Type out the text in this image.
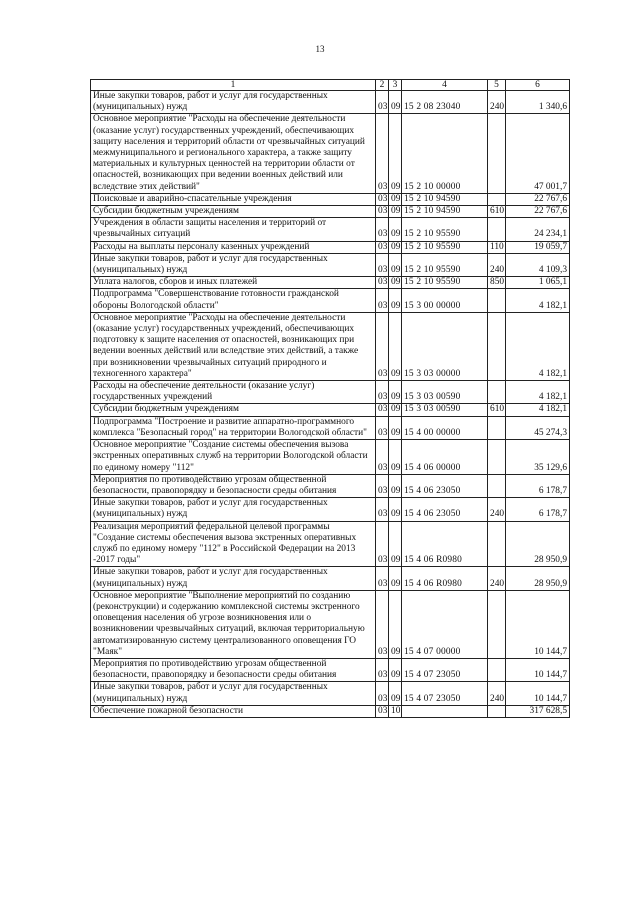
13
1	2	3	4	5	6
Иные закупки товаров, работ и услуг для государственных (муниципальных) нужд	03	09	15 2 08 23040	240	1 340,6
Основное мероприятие "Расходы на обеспечение деятельности (оказание услуг) государственных учреждений, обеспечивающих защиту населения и территорий области от чрезвычайных ситуаций межмуниципального и регионального характера, а также защиту материальных и культурных ценностей на территории области от опасностей, возникающих при ведении военных действий или вследствие этих действий"	03	09	15 2 10 00000		47 001,7
Поисковые и аварийно-спасательные учреждения	03	09	15 2 10 94590		22 767,6
Субсидии бюджетным учреждениям	03	09	15 2 10 94590	610	22 767,6
Учреждения в области защиты населения и территорий от чрезвычайных ситуаций	03	09	15 2 10 95590		24 234,1
Расходы на выплаты персоналу казенных учреждений	03	09	15 2 10 95590	110	19 059,7
Иные закупки товаров, работ и услуг для государственных (муниципальных) нужд	03	09	15 2 10 95590	240	4 109,3
Уплата налогов, сборов и иных платежей	03	09	15 2 10 95590	850	1 065,1
Подпрограмма "Совершенствование готовности гражданской обороны Вологодской области"	03	09	15 3 00 00000		4 182,1
Основное мероприятие "Расходы на обеспечение деятельности (оказание услуг) государственных учреждений, обеспечивающих подготовку к защите населения от опасностей, возникающих при ведении военных действий или вследствие этих действий, а также при возникновении чрезвычайных ситуаций природного и техногенного характера"	03	09	15 3 03 00000		4 182,1
Расходы на обеспечение деятельности (оказание услуг) государственных учреждений	03	09	15 3 03 00590		4 182,1
Субсидии бюджетным учреждениям	03	09	15 3 03 00590	610	4 182,1
Подпрограмма "Построение и развитие аппаратно-программного комплекса "Безопасный город" на территории Вологодской области"	03	09	15 4 00 00000		45 274,3
Основное мероприятие "Создание системы обеспечения вызова экстренных оперативных служб на территории Вологодской области по единому номеру "112"	03	09	15 4 06 00000		35 129,6
Мероприятия по противодействию угрозам общественной безопасности, правопорядку и безопасности среды обитания	03	09	15 4 06 23050		6 178,7
Иные закупки товаров, работ и услуг для государственных (муниципальных) нужд	03	09	15 4 06 23050	240	6 178,7
Реализация мероприятий федеральной целевой программы "Создание системы обеспечения вызова экстренных оперативных служб по единому номеру "112" в Российской Федерации на 2013 -2017 годы"	03	09	15 4 06 R0980		28 950,9
Иные закупки товаров, работ и услуг для государственных (муниципальных) нужд	03	09	15 4 06 R0980	240	28 950,9
Основное мероприятие "Выполнение мероприятий по созданию (реконструкции) и содержанию комплексной системы экстренного оповещения населения об угрозе возникновения или о возникновении чрезвычайных ситуаций, включая территориальную автоматизированную систему централизованного оповещения ГО "Маяк"	03	09	15 4 07 00000		10 144,7
Мероприятия по противодействию угрозам общественной безопасности, правопорядку и безопасности среды обитания	03	09	15 4 07 23050		10 144,7
Иные закупки товаров, работ и услуг для государственных (муниципальных) нужд	03	09	15 4 07 23050	240	10 144,7
Обеспечение пожарной безопасности	03	10			317 628,5
